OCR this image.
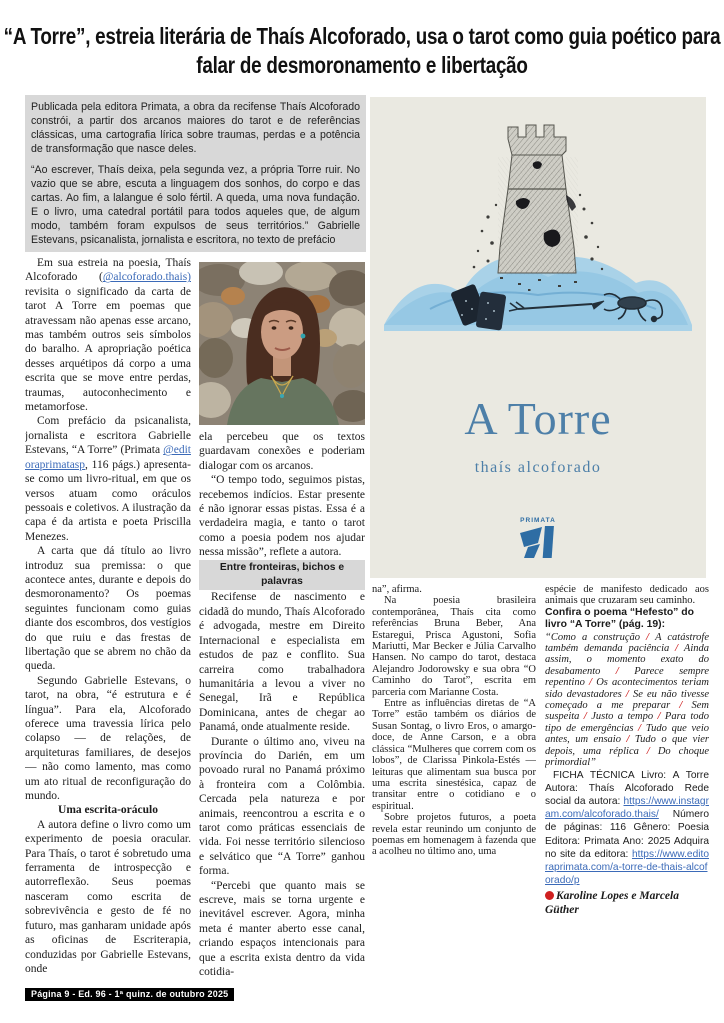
“A Torre”, estreia literária de Thaís Alcoforado, usa o tarot como guia poético para falar de desmoronamento e libertação

Publicada pela editora Primata, a obra da recifense Thaís Alcoforado constrói, a partir dos arcanos maiores do tarot e de referências clássicas, uma cartografia lírica sobre traumas, perdas e a potência de transformação que nasce deles.

“Ao escrever, Thaís deixa, pela segunda vez, a própria Torre ruir. No vazio que se abre, escuta a linguagem dos sonhos, do corpo e das cartas. Ao fim, a lalangue é solo fértil. A queda, uma nova fundação. E o livro, uma catedral portátil para todos aqueles que, de algum modo, também foram expulsos de seus territórios.” Gabrielle Estevans, psicanalista, jornalista e escritora, no texto de prefácio

A Torre
thaís alcoforado
PRIMATA

Em sua estreia na poesia, Thaís Alcoforado (@alcoforado.thais) revisita o significado da carta de tarot A Torre em poemas que atravessam não apenas esse arcano, mas também outros seis símbolos do baralho. A apropriação poética desses arquétipos dá corpo a uma escrita que se move entre perdas, traumas, autoconhecimento e metamorfose.

Com prefácio da psicanalista, jornalista e escritora Gabrielle Estevans, “A Torre” (Primata @editoraprimatasp, 116 págs.) apresenta-se como um livro-ritual, em que os versos atuam como oráculos pessoais e coletivos. A ilustração da capa é da artista e poeta Priscilla Menezes.

A carta que dá título ao livro introduz sua premissa: o que acontece antes, durante e depois do desmoronamento? Os poemas seguintes funcionam como guias diante dos escombros, dos vestígios do que ruiu e das frestas de libertação que se abrem no chão da queda.

Segundo Gabrielle Estevans, o tarot, na obra, “é estrutura e é língua”. Para ela, Alcoforado oferece uma travessia lírica pelo colapso — de relações, de arquiteturas familiares, de desejos — não como lamento, mas como um ato ritual de reconfiguração do mundo.

Uma escrita-oráculo

A autora define o livro como um experimento de poesia oracular. Para Thaís, o tarot é sobretudo uma ferramenta de introspecção e autorreflexão. Seus poemas nasceram como escrita de sobrevivência e gesto de fé no futuro, mas ganharam unidade após as oficinas de Escriterapia, conduzidas por Gabrielle Estevans, onde

ela percebeu que os textos guardavam conexões e poderiam dialogar com os arcanos.

“O tempo todo, seguimos pistas, recebemos indícios. Estar presente é não ignorar essas pistas. Essa é a verdadeira magia, e tanto o tarot como a poesia podem nos ajudar nessa missão”, reflete a autora.

Entre fronteiras, bichos e palavras

Recifense de nascimento e cidadã do mundo, Thaís Alcoforado é advogada, mestre em Direito Internacional e especialista em estudos de paz e conflito. Sua carreira como trabalhadora humanitária a levou a viver no Senegal, Irã e República Dominicana, antes de chegar ao Panamá, onde atualmente reside.

Durante o último ano, viveu na província do Darién, em um povoado rural no Panamá próximo à fronteira com a Colômbia. Cercada pela natureza e por animais, reencontrou a escrita e o tarot como práticas essenciais de vida. Foi nesse território silencioso e selvático que “A Torre” ganhou forma.

“Percebi que quanto mais se escreve, mais se torna urgente e inevitável escrever. Agora, minha meta é manter aberto esse canal, criando espaços intencionais para que a escrita exista dentro da vida cotidia-

na”, afirma.

Na poesia brasileira contemporânea, Thaís cita como referências Bruna Beber, Ana Estaregui, Prisca Agustoni, Sofia Mariutti, Mar Becker e Júlia Carvalho Hansen. No campo do tarot, destaca Alejandro Jodorowsky e sua obra “O Caminho do Tarot”, escrita em parceria com Marianne Costa.

Entre as influências diretas de “A Torre” estão também os diários de Susan Sontag, o livro Eros, o amargo-doce, de Anne Carson, e a obra clássica “Mulheres que correm com os lobos”, de Clarissa Pinkola-Estés — leituras que alimentam sua busca por uma escrita sinestésica, capaz de transitar entre o cotidiano e o espiritual.

Sobre projetos futuros, a poeta revela estar reunindo um conjunto de poemas em homenagem à fazenda que a acolheu no último ano, uma

espécie de manifesto dedicado aos animais que cruzaram seu caminho.

Confira o poema “Hefesto” do livro “A Torre” (pág. 19):

“Como a construção / A catástrofe também demanda paciência / Ainda assim, o momento exato do desabamento / Parece sempre repentino / Os acontecimentos teriam sido devastadores / Se eu não tivesse começado a me preparar / Sem suspeita / Justo a tempo / Para todo tipo de emergências / Tudo que veio antes, um ensaio / Tudo o que vier depois, uma réplica / Do choque primordial”

FICHA TÉCNICA Livro: A Torre Autora: Thaís Alcoforado Rede social da autora: https://www.instagram.com/alcoforado.thais/ Número de páginas: 116 Gênero: Poesia Editora: Primata Ano: 2025 Adquira no site da editora: https://www.editoraprimata.com/a-torre-de-thais-alcoforado/p

Karoline Lopes e Marcela Güther

Página 9 - Ed. 96 - 1ª quinz. de outubro 2025
